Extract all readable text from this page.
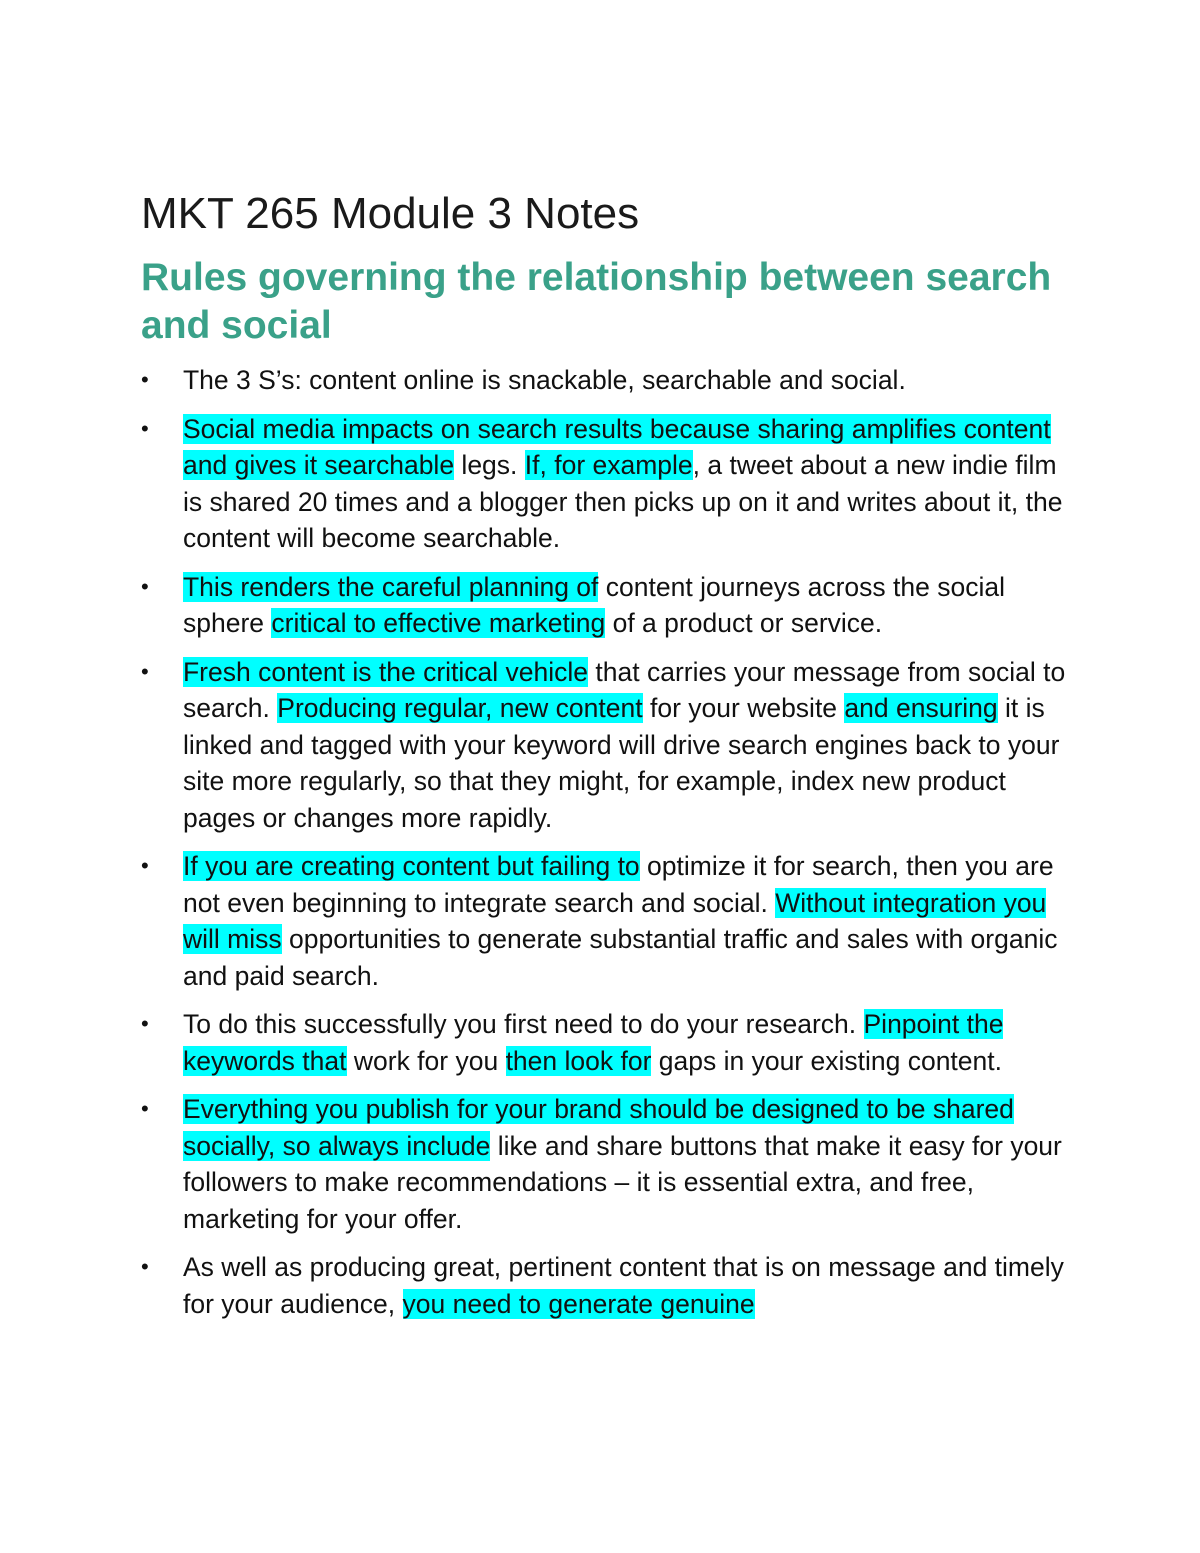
MKT 265 Module 3 Notes
Rules governing the relationship between search and social
• The 3 S’s: content online is snackable, searchable and social.
• Social media impacts on search results because sharing amplifies content and gives it searchable legs. If, for example, a tweet about a new indie film is shared 20 times and a blogger then picks up on it and writes about it, the content will become searchable.
• This renders the careful planning of content journeys across the social sphere critical to effective marketing of a product or service.
• Fresh content is the critical vehicle that carries your message from social to search. Producing regular, new content for your website and ensuring it is linked and tagged with your keyword will drive search engines back to your site more regularly, so that they might, for example, index new product pages or changes more rapidly.
• If you are creating content but failing to optimize it for search, then you are not even beginning to integrate search and social. Without integration you will miss opportunities to generate substantial traffic and sales with organic and paid search.
• To do this successfully you first need to do your research. Pinpoint the keywords that work for you then look for gaps in your existing content.
• Everything you publish for your brand should be designed to be shared socially, so always include like and share buttons that make it easy for your followers to make recommendations – it is essential extra, and free, marketing for your offer.
• As well as producing great, pertinent content that is on message and timely for your audience, you need to generate genuine
